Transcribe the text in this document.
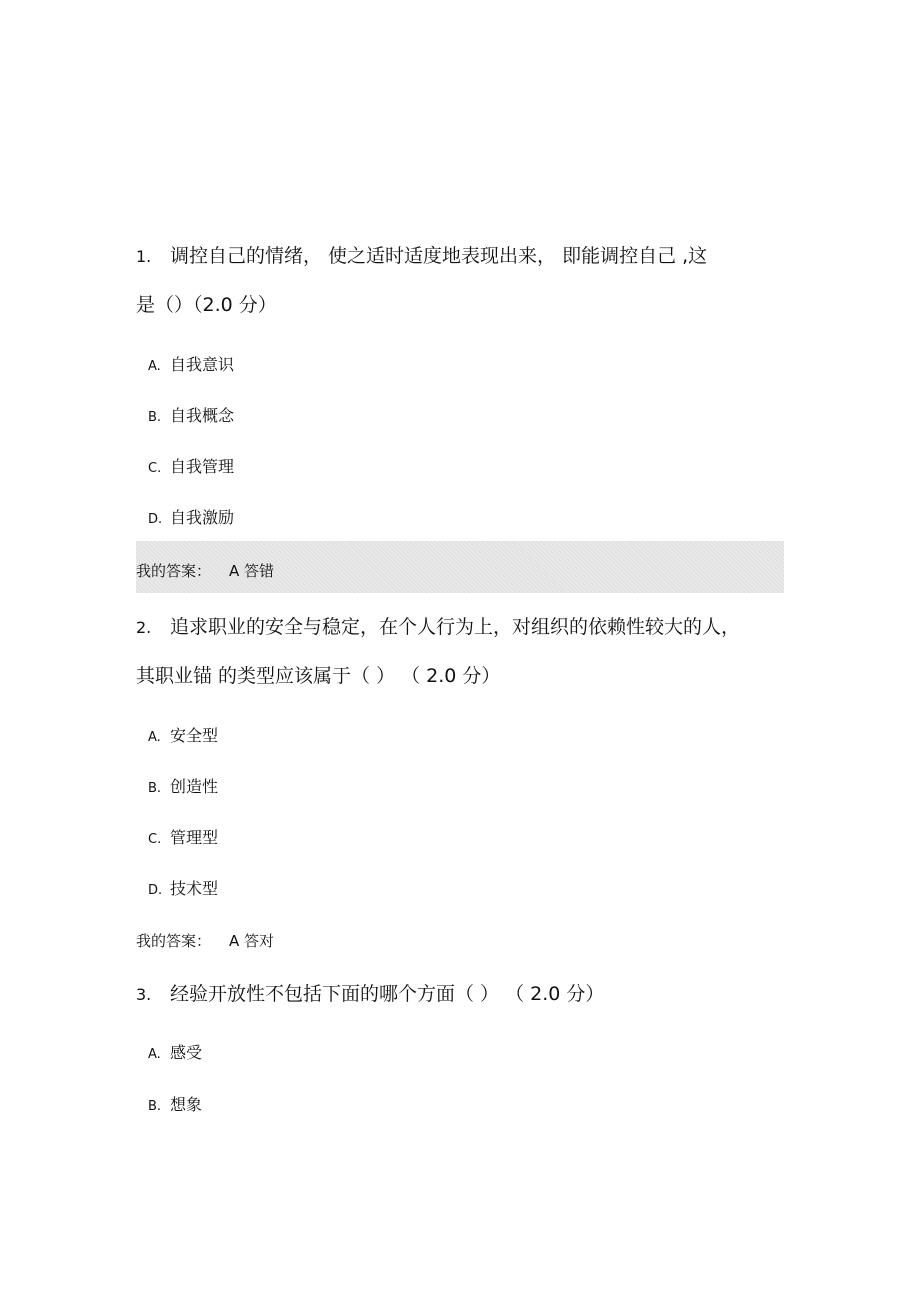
1. 调控自己的情绪， 使之适时适度地表现出来， 即能调控自己 ,这
是（）（2.0 分）
A. 自我意识
B. 自我概念
C. 自我管理
D. 自我激励
我的答案： A 答错
2. 追求职业的安全与稳定，在个人行为上，对组织的依赖性较大的人，
其职业锚 的类型应该属于（ ） （ 2.0 分）
A. 安全型
B. 创造性
C. 管理型
D. 技术型
我的答案： A 答对
3. 经验开放性不包括下面的哪个方面（ ） （ 2.0 分）
A. 感受
B. 想象
